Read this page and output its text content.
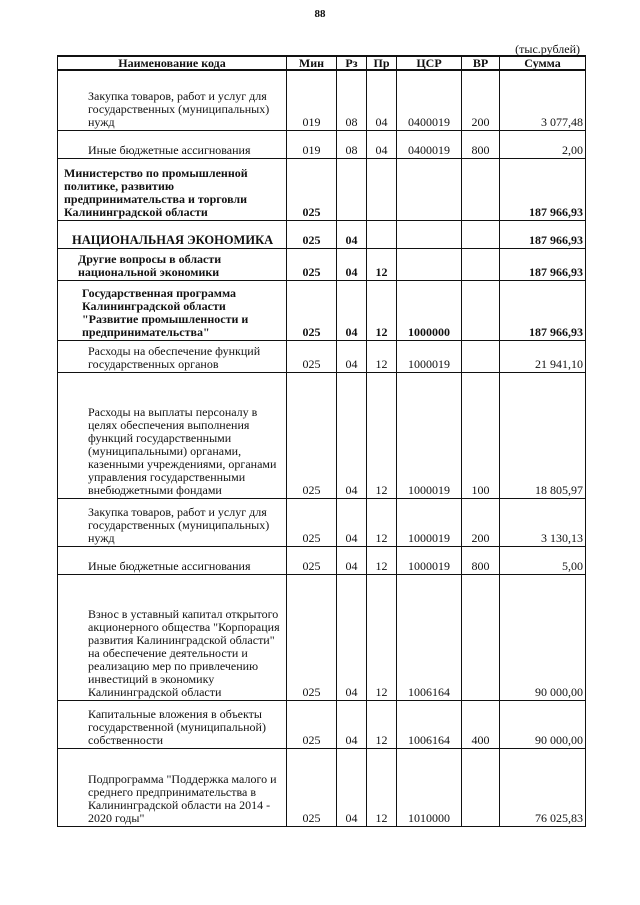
88
(тыс.рублей)
Наименование кода	Мин	Рз	Пр	ЦСР	ВР	Сумма
Закупка товаров, работ и услуг для государственных (муниципальных) нужд	019	08	04	0400019	200	3 077,48
Иные бюджетные ассигнования	019	08	04	0400019	800	2,00
Министерство по промышленной политике, развитию предпринимательства и торговли Калининградской области	025					187 966,93
НАЦИОНАЛЬНАЯ ЭКОНОМИКА	025	04				187 966,93
Другие вопросы в области национальной экономики	025	04	12			187 966,93
Государственная программа Калининградской области "Развитие промышленности и предпринимательства"	025	04	12	1000000		187 966,93
Расходы на обеспечение функций государственных органов	025	04	12	1000019		21 941,10
Расходы на выплаты персоналу в целях обеспечения выполнения функций государственными (муниципальными) органами, казенными учреждениями, органами управления государственными внебюджетными фондами	025	04	12	1000019	100	18 805,97
Закупка товаров, работ и услуг для государственных (муниципальных) нужд	025	04	12	1000019	200	3 130,13
Иные бюджетные ассигнования	025	04	12	1000019	800	5,00
Взнос в уставный капитал открытого акционерного общества "Корпорация развития Калининградской области" на обеспечение деятельности и реализацию мер по привлечению инвестиций в экономику Калининградской области	025	04	12	1006164		90 000,00
Капитальные вложения в объекты государственной (муниципальной) собственности	025	04	12	1006164	400	90 000,00
Подпрограмма "Поддержка малого и среднего предпринимательства в Калининградской области на 2014 - 2020 годы"	025	04	12	1010000		76 025,83
